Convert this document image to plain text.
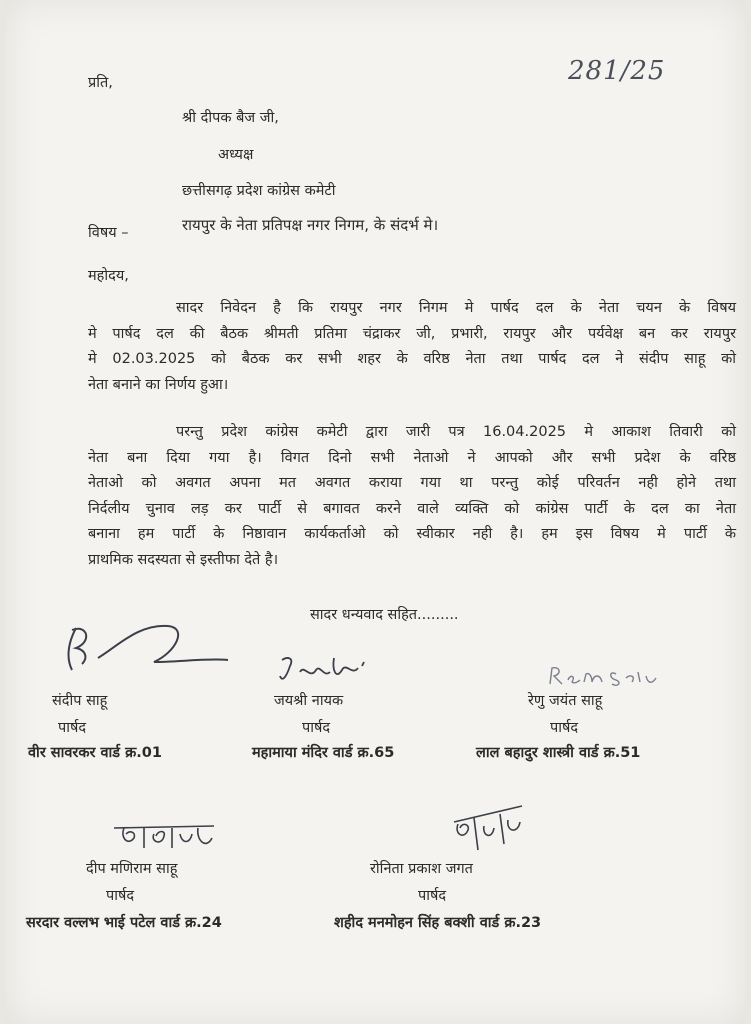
प्रति,	281/25
श्री दीपक बैज जी,
अध्यक्ष
छत्तीसगढ़ प्रदेश कांग्रेस कमेटी
विषय –	रायपुर के नेता प्रतिपक्ष नगर निगम, के संदर्भ मे।
महोदय,
सादर निवेदन है कि रायपुर नगर निगम मे पार्षद दल के नेता चयन के विषय
मे पार्षद दल की बैठक श्रीमती प्रतिमा चंद्राकर जी, प्रभारी, रायपुर और पर्यवेक्ष बन कर रायपुर
मे 02.03.2025 को बैठक कर सभी शहर के वरिष्ठ नेता तथा पार्षद दल ने संदीप साहू को
नेता बनाने का निर्णय हुआ।
परन्तु प्रदेश कांग्रेस कमेटी द्वारा जारी पत्र 16.04.2025 मे आकाश तिवारी को
नेता बना दिया गया है। विगत दिनो सभी नेताओ ने आपको और सभी प्रदेश के वरिष्ठ
नेताओ को अवगत अपना मत अवगत कराया गया था परन्तु कोई परिवर्तन नही होने तथा
निर्दलीय चुनाव लड़ कर पार्टी से बगावत करने वाले व्यक्ति को कांग्रेस पार्टी के दल का नेता
बनाना हम पार्टी के निष्ठावान कार्यकर्ताओ को स्वीकार नही है। हम इस विषय मे पार्टी के
प्राथमिक सदस्यता से इस्तीफा देते है।
सादर धन्यवाद सहित.........
संदीप साहू
पार्षद
वीर सावरकर वार्ड क्र.01
जयश्री नायक
पार्षद
महामाया मंदिर वार्ड क्र.65
रेणु जयंत साहू
पार्षद
लाल बहादुर शास्त्री वार्ड क्र.51
दीप मणिराम साहू
पार्षद
सरदार वल्लभ भाई पटेल वार्ड क्र.24
रोनिता प्रकाश जगत
पार्षद
शहीद मनमोहन सिंह बक्शी वार्ड क्र.23
